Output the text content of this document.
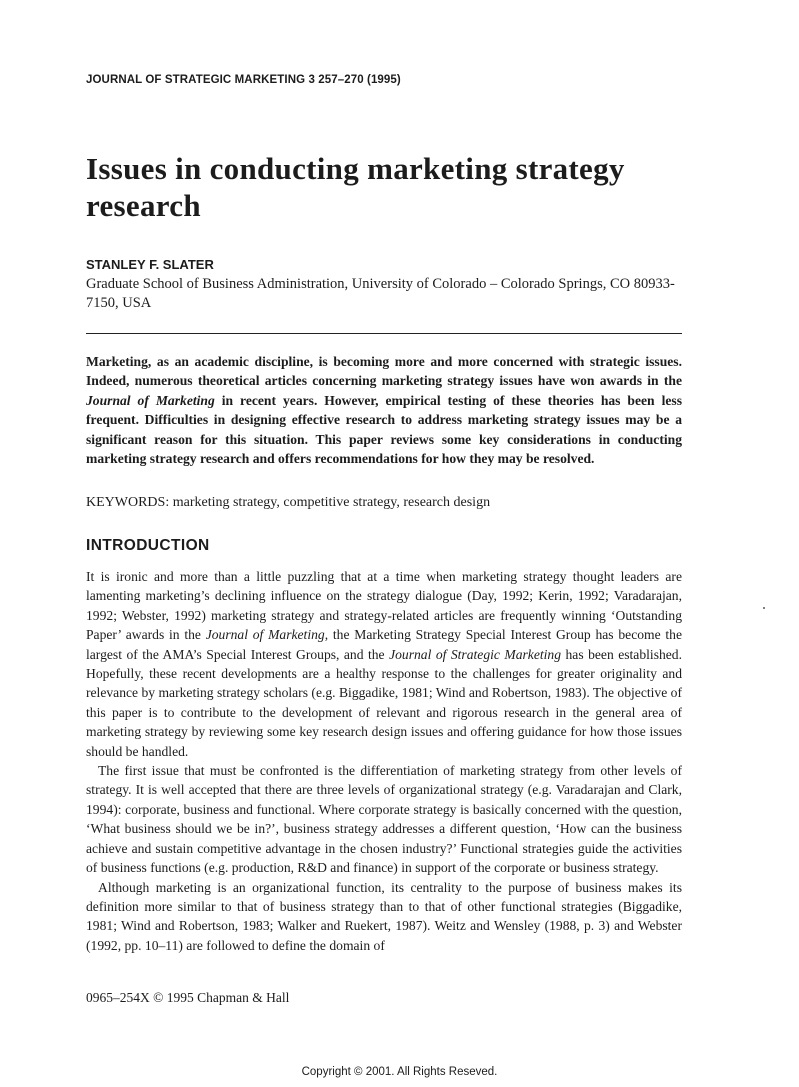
JOURNAL OF STRATEGIC MARKETING 3 257–270 (1995)
Issues in conducting marketing strategy research
STANLEY F. SLATER
Graduate School of Business Administration, University of Colorado – Colorado Springs, CO 80933-7150, USA

Marketing, as an academic discipline, is becoming more and more concerned with strategic issues. Indeed, numerous theoretical articles concerning marketing strategy issues have won awards in the Journal of Marketing in recent years. However, empirical testing of these theories has been less frequent. Difficulties in designing effective research to address marketing strategy issues may be a significant reason for this situation. This paper reviews some key considerations in conducting marketing strategy research and offers recommendations for how they may be resolved.

KEYWORDS: marketing strategy, competitive strategy, research design
INTRODUCTION

It is ironic and more than a little puzzling that at a time when marketing strategy thought leaders are lamenting marketing’s declining influence on the strategy dialogue (Day, 1992; Kerin, 1992; Varadarajan, 1992; Webster, 1992) marketing strategy and strategy-related articles are frequently winning ‘Outstanding Paper’ awards in the Journal of Marketing, the Marketing Strategy Special Interest Group has become the largest of the AMA’s Special Interest Groups, and the Journal of Strategic Marketing has been established. Hopefully, these recent developments are a healthy response to the challenges for greater originality and relevance by marketing strategy scholars (e.g. Biggadike, 1981; Wind and Robertson, 1983). The objective of this paper is to contribute to the development of relevant and rigorous research in the general area of marketing strategy by reviewing some key research design issues and offering guidance for how those issues should be handled.

The first issue that must be confronted is the differentiation of marketing strategy from other levels of strategy. It is well accepted that there are three levels of organizational strategy (e.g. Varadarajan and Clark, 1994): corporate, business and functional. Where corporate strategy is basically concerned with the question, ‘What business should we be in?’, business strategy addresses a different question, ‘How can the business achieve and sustain competitive advantage in the chosen industry?’ Functional strategies guide the activities of business functions (e.g. production, R&D and finance) in support of the corporate or business strategy.

Although marketing is an organizational function, its centrality to the purpose of business makes its definition more similar to that of business strategy than to that of other functional strategies (Biggadike, 1981; Wind and Robertson, 1983; Walker and Ruekert, 1987). Weitz and Wensley (1988, p. 3) and Webster (1992, pp. 10–11) are followed to define the domain of

0965–254X © 1995 Chapman & Hall
Copyright © 2001. All Rights Reseved.
